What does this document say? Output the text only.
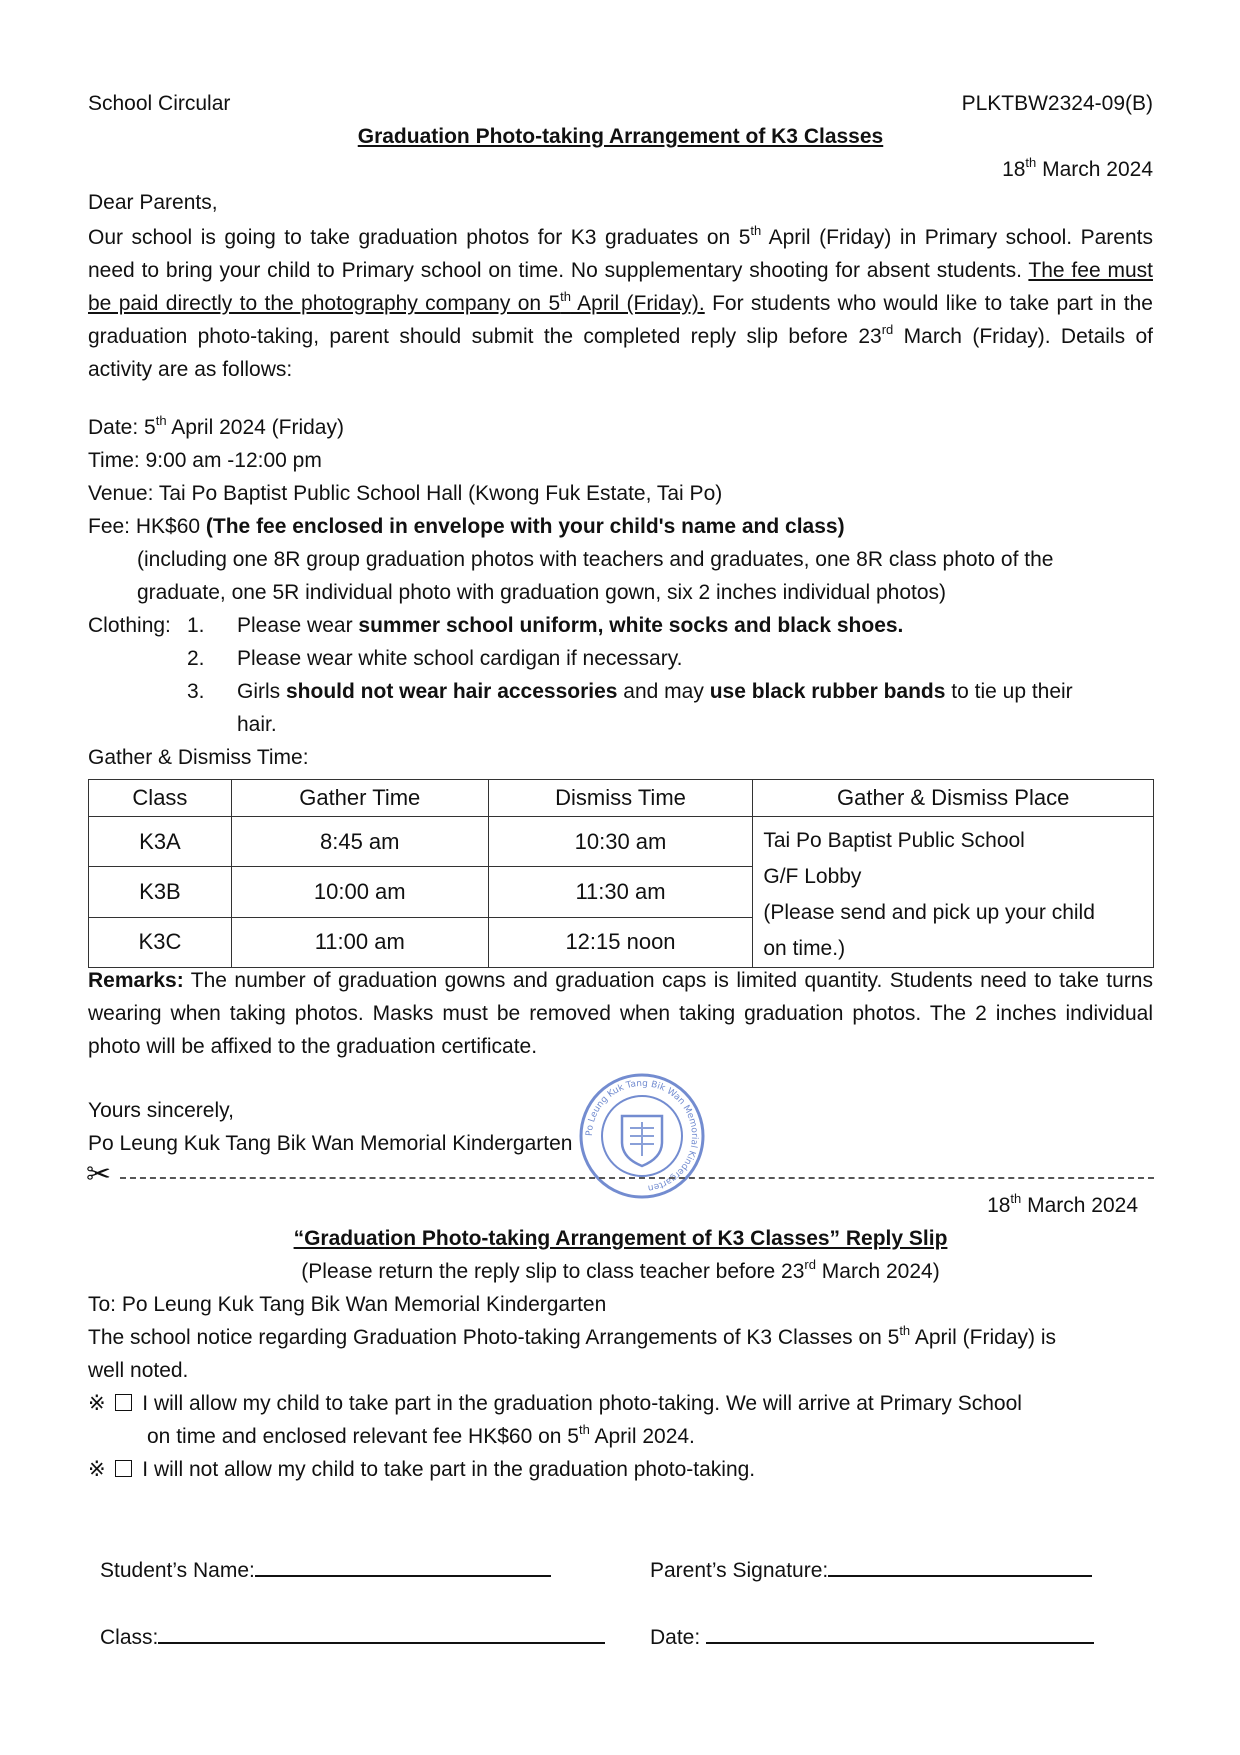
School Circular	PLKTBW2324-09(B)
Graduation Photo-taking Arrangement of K3 Classes
18th March 2024
Dear Parents,
Our school is going to take graduation photos for K3 graduates on 5th April (Friday) in Primary school. Parents need to bring your child to Primary school on time. No supplementary shooting for absent students. The fee must be paid directly to the photography company on 5th April (Friday). For students who would like to take part in the graduation photo-taking, parent should submit the completed reply slip before 23rd March (Friday). Details of activity are as follows:
Date: 5th April 2024 (Friday)
Time: 9:00 am -12:00 pm
Venue: Tai Po Baptist Public School Hall (Kwong Fuk Estate, Tai Po)
Fee: HK$60 (The fee enclosed in envelope with your child's name and class)
(including one 8R group graduation photos with teachers and graduates, one 8R class photo of the
graduate, one 5R individual photo with graduation gown, six 2 inches individual photos)
Clothing: 1. Please wear summer school uniform, white socks and black shoes.
2. Please wear white school cardigan if necessary.
3. Girls should not wear hair accessories and may use black rubber bands to tie up their
hair.
Gather & Dismiss Time:
Class	Gather Time	Dismiss Time	Gather & Dismiss Place
K3A	8:45 am	10:30 am	Tai Po Baptist Public School
G/F Lobby
(Please send and pick up your child
on time.)

K3B	10:00 am	11:30 am	
K3C	11:00 am	12:15 noon	
Remarks: The number of graduation gowns and graduation caps is limited quantity. Students need to take turns wearing when taking photos. Masks must be removed when taking graduation photos. The 2 inches individual photo will be affixed to the graduation certificate.
Yours sincerely,
Po Leung Kuk Tang Bik Wan Memorial Kindergarten	Po Leung Kuk Tang Bik Wan Memorial Kindergarten
✂
18th March 2024
“Graduation Photo-taking Arrangement of K3 Classes” Reply Slip
(Please return the reply slip to class teacher before 23rd March 2024)
To: Po Leung Kuk Tang Bik Wan Memorial Kindergarten
The school notice regarding Graduation Photo-taking Arrangements of K3 Classes on 5th April (Friday) is
well noted.
※ I will allow my child to take part in the graduation photo-taking. We will arrive at Primary School
on time and enclosed relevant fee HK$60 on 5th April 2024.
※ I will not allow my child to take part in the graduation photo-taking.
Student’s Name:	Parent’s Signature:
Class:	Date:
